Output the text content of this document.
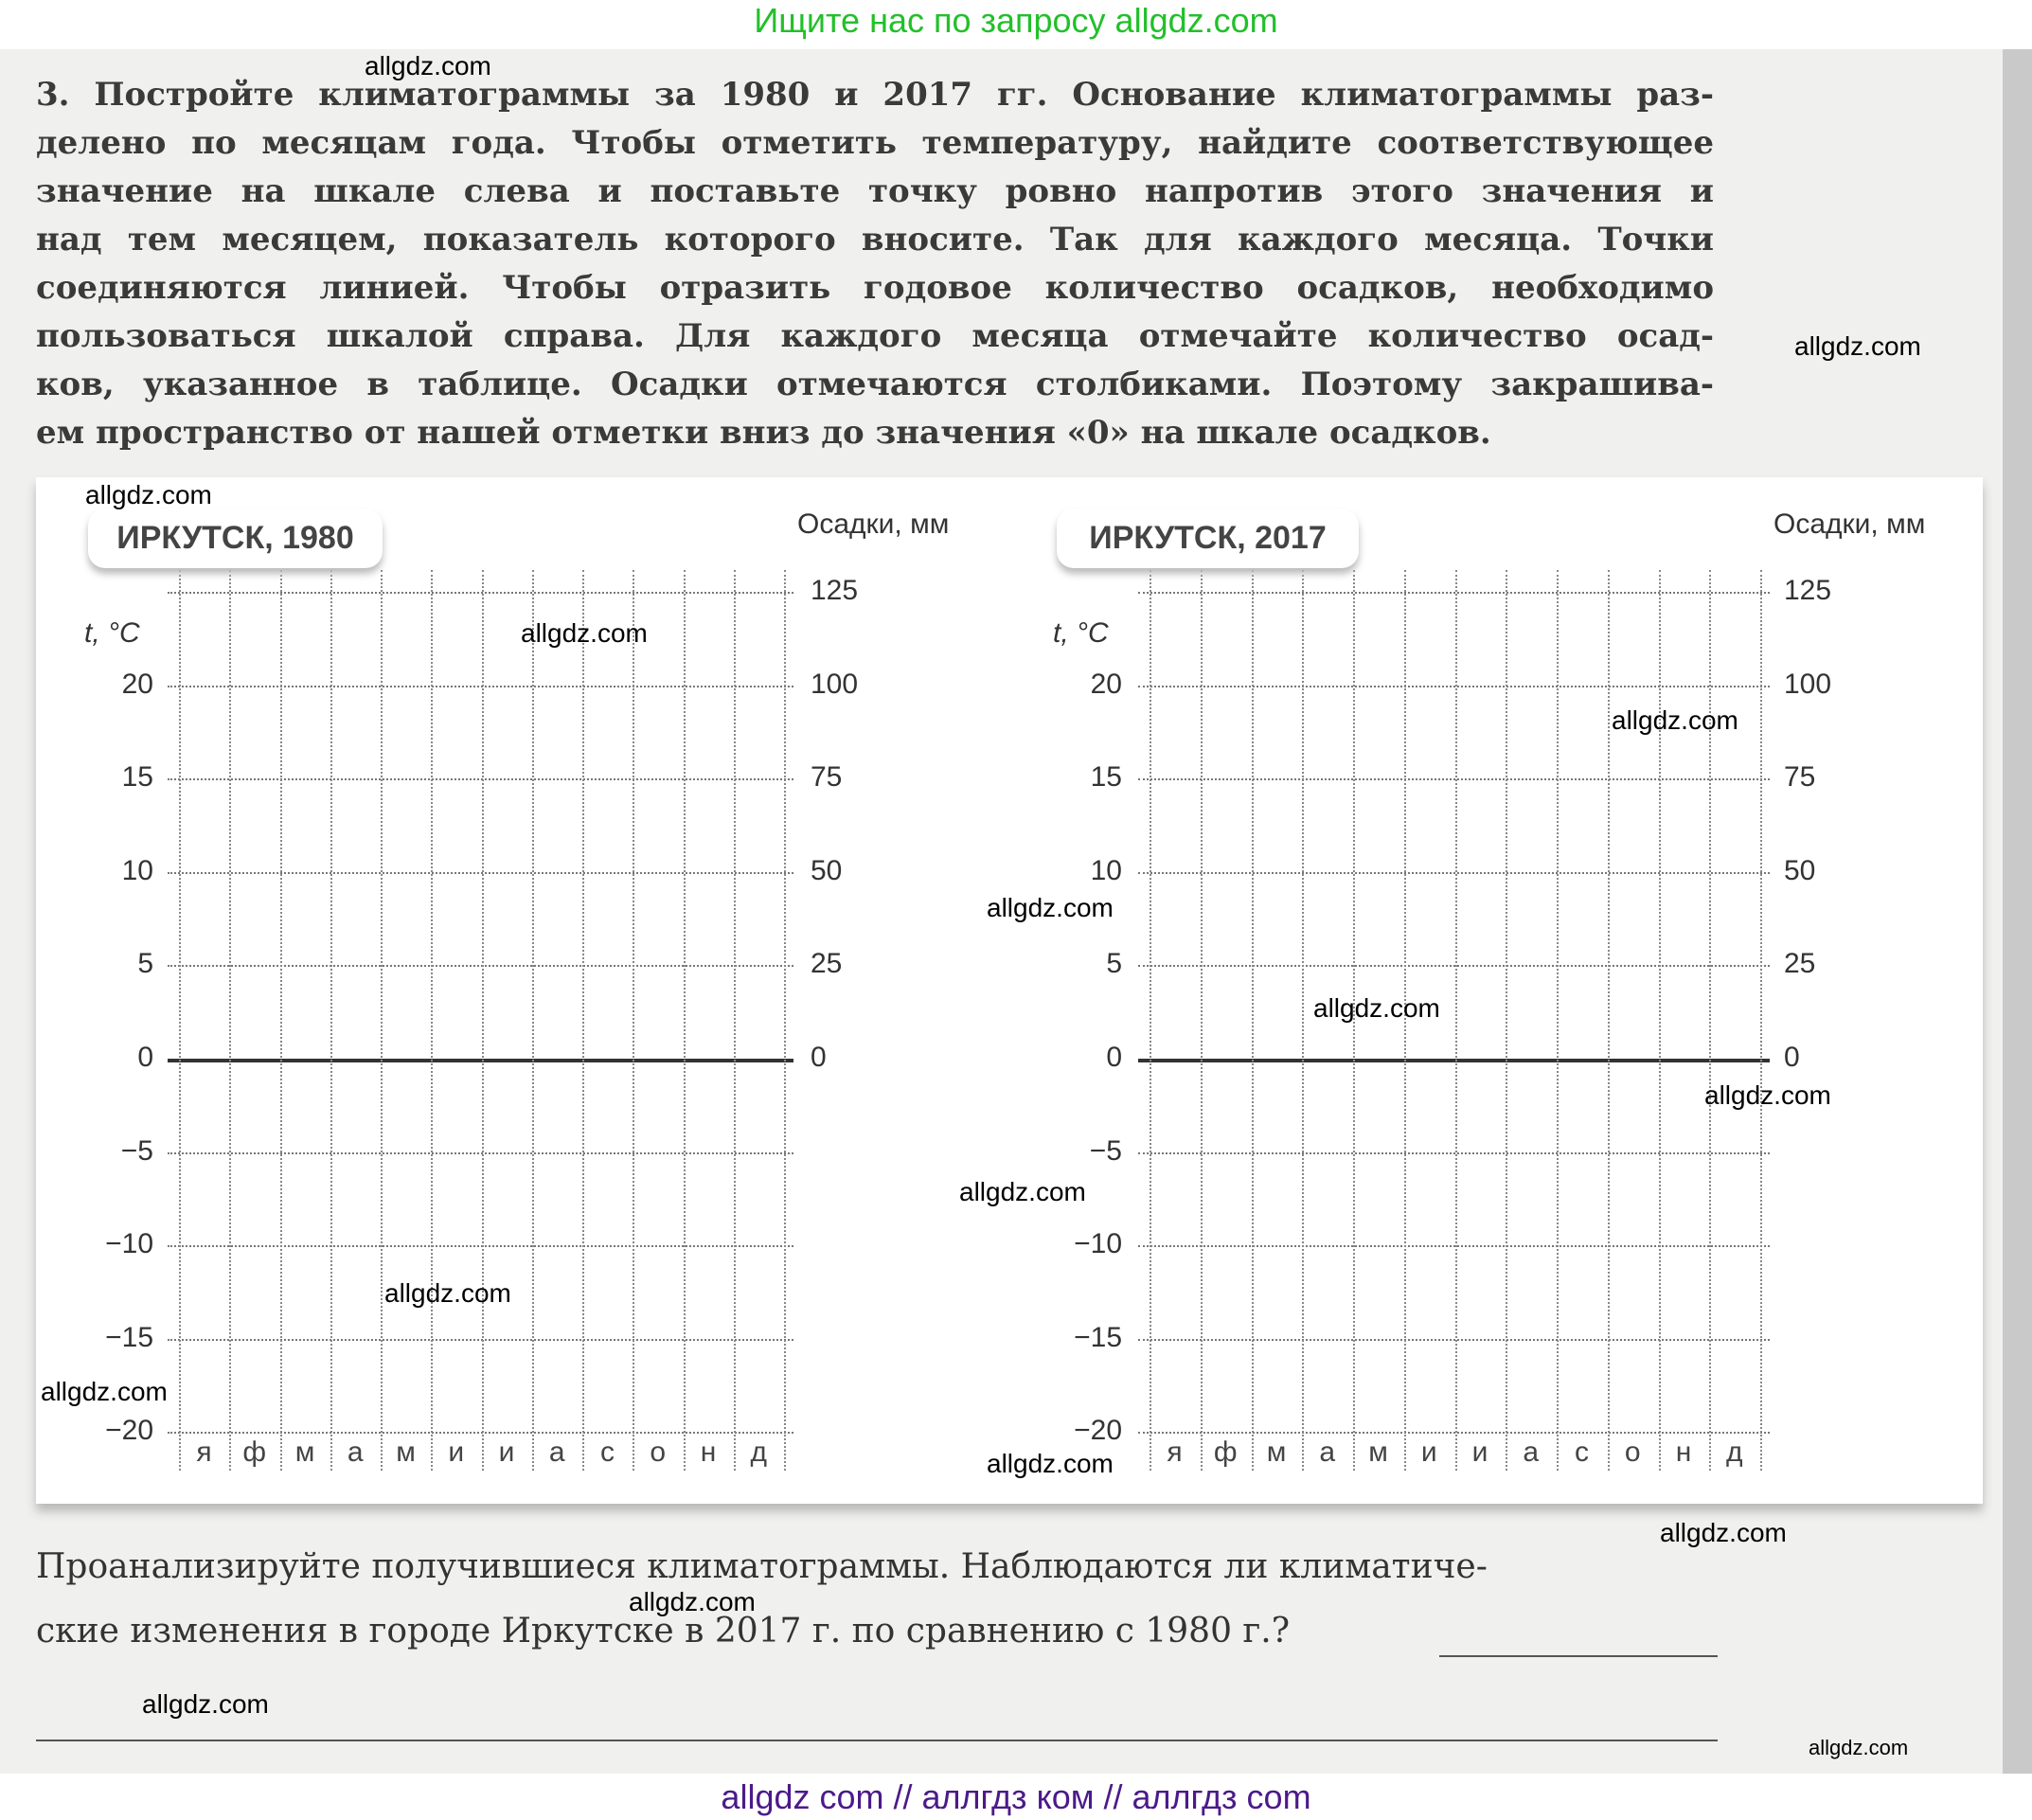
Ищите нас по запросу allgdz.com
3. Постройте климатограммы за 1980 и 2017 гг. Основание климатограммы раз-
делено по месяцам года. Чтобы отметить температуру, найдите соответствующее
значение на шкале слева и поставьте точку ровно напротив этого значения и
над тем месяцем, показатель которого вносите. Так для каждого месяца. Точки
соединяются линией. Чтобы отразить годовое количество осадков, необходимо
пользоваться шкалой справа. Для каждого месяца отмечайте количество осад-
ков, указанное в таблице. Осадки отмечаются столбиками. Поэтому закрашива-
ем пространство от нашей отметки вниз до значения «0» на шкале осадков.
я	ф	м	а	м	и	и	а	с	о	н	д
20
15
10
5
0
−5
−10
−15
−20
125
100
75
50
25
0
ИРКУТСК, 1980	Осадки, мм
t, °C
я	ф	м	а	м	и	и	а	с	о	н	д
20
15
10
5
0
−5
−10
−15
−20
125
100
75
50
25
0
ИРКУТСК, 2017	Осадки, мм
t, °C
Проанализируйте получившиеся климатограммы. Наблюдаются ли климатиче-
ские изменения в городе Иркутске в 2017 г. по сравнению с 1980 г.?
allgdz.com
allgdz.com
allgdz.com
allgdz.com
allgdz.com
allgdz.com
allgdz.com
allgdz.com
allgdz.com
allgdz.com
allgdz.com
allgdz.com
allgdz.com
allgdz.com
allgdz.com
allgdz.com
allgdz com // аллгдз ком // аллгдз com
